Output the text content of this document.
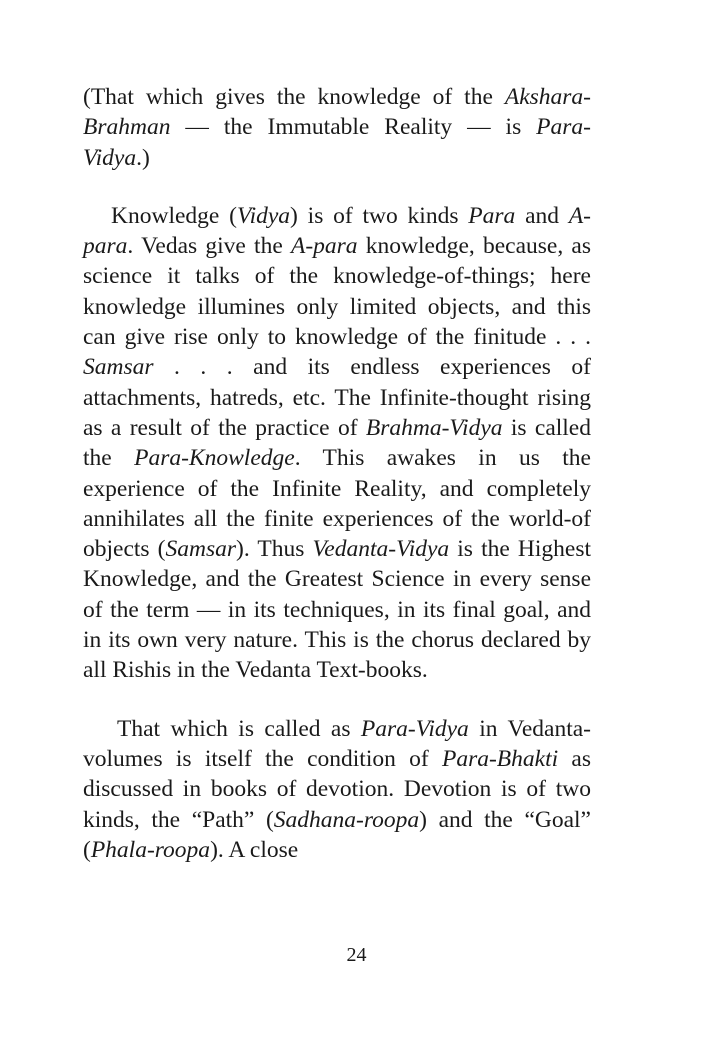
(That which gives the knowledge of the Akshara-Brahman — the Immutable Reality — is Para-Vidya.)

Knowledge (Vidya) is of two kinds Para and A-para. Vedas give the A-para knowledge, because, as science it talks of the knowledge-of-things; here knowledge illumines only limited objects, and this can give rise only to knowledge of the finitude . . . Samsar . . . and its endless experiences of attachments, hatreds, etc. The Infinite-thought rising as a result of the practice of Brahma-Vidya is called the Para-Knowledge. This awakes in us the experience of the Infinite Reality, and completely annihilates all the finite experiences of the world-of objects (Samsar). Thus Vedanta-Vidya is the Highest Knowledge, and the Greatest Science in every sense of the term — in its techniques, in its final goal, and in its own very nature. This is the chorus declared by all Rishis in the Vedanta Text-books.

That which is called as Para-Vidya in Vedanta-volumes is itself the condition of Para-Bhakti as discussed in books of devotion. Devotion is of two kinds, the “Path” (Sadhana-roopa) and the “Goal” (Phala-roopa). A close

24
